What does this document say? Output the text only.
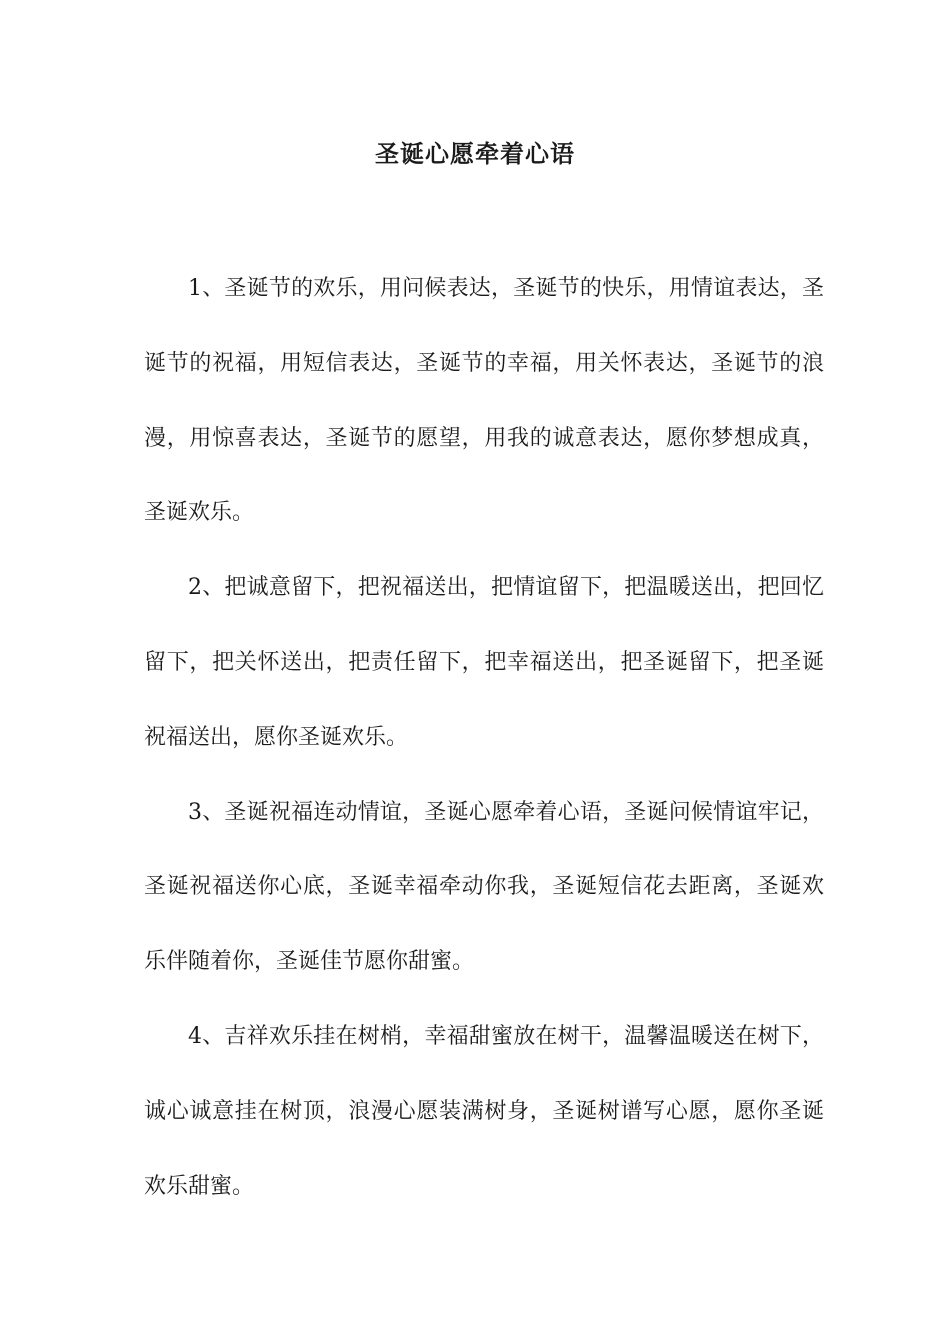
圣诞心愿牵着心语

1、圣诞节的欢乐，用问候表达，圣诞节的快乐，用情谊表达，圣诞节的祝福，用短信表达，圣诞节的幸福，用关怀表达，圣诞节的浪漫，用惊喜表达，圣诞节的愿望，用我的诚意表达，愿你梦想成真，圣诞欢乐。

2、把诚意留下，把祝福送出，把情谊留下，把温暖送出，把回忆留下，把关怀送出，把责任留下，把幸福送出，把圣诞留下，把圣诞祝福送出，愿你圣诞欢乐。

3、圣诞祝福连动情谊，圣诞心愿牵着心语，圣诞问候情谊牢记，圣诞祝福送你心底，圣诞幸福牵动你我，圣诞短信花去距离，圣诞欢乐伴随着你，圣诞佳节愿你甜蜜。

4、吉祥欢乐挂在树梢，幸福甜蜜放在树干，温馨温暖送在树下，诚心诚意挂在树顶，浪漫心愿装满树身，圣诞树谱写心愿，愿你圣诞欢乐甜蜜。
